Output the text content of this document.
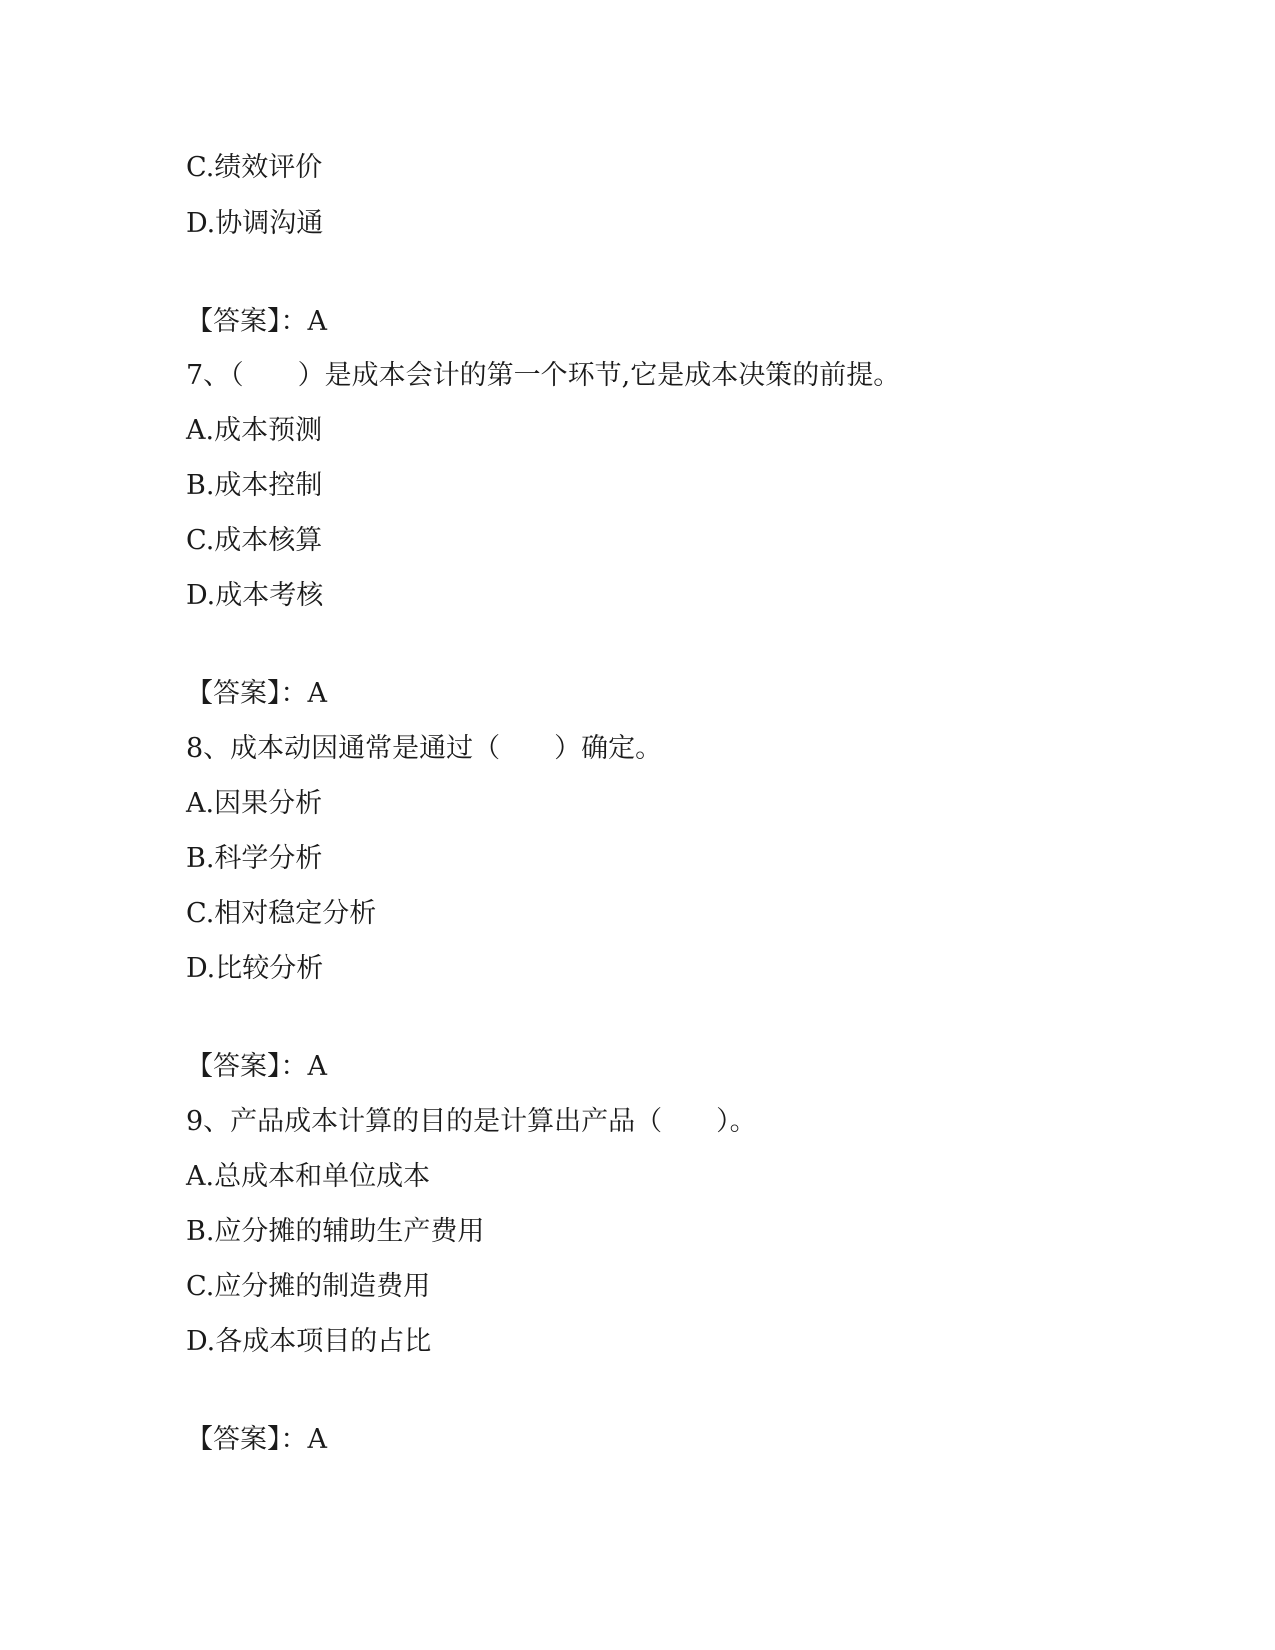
C.绩效评价
D.协调沟通
【答案】：A
7、（　　）是成本会计的第一个环节,它是成本决策的前提。
A.成本预测
B.成本控制
C.成本核算
D.成本考核
【答案】：A
8、成本动因通常是通过（　　）确定。
A.因果分析
B.科学分析
C.相对稳定分析
D.比较分析
【答案】：A
9、产品成本计算的目的是计算出产品（　　）。
A.总成本和单位成本
B.应分摊的辅助生产费用
C.应分摊的制造费用
D.各成本项目的占比
【答案】：A
